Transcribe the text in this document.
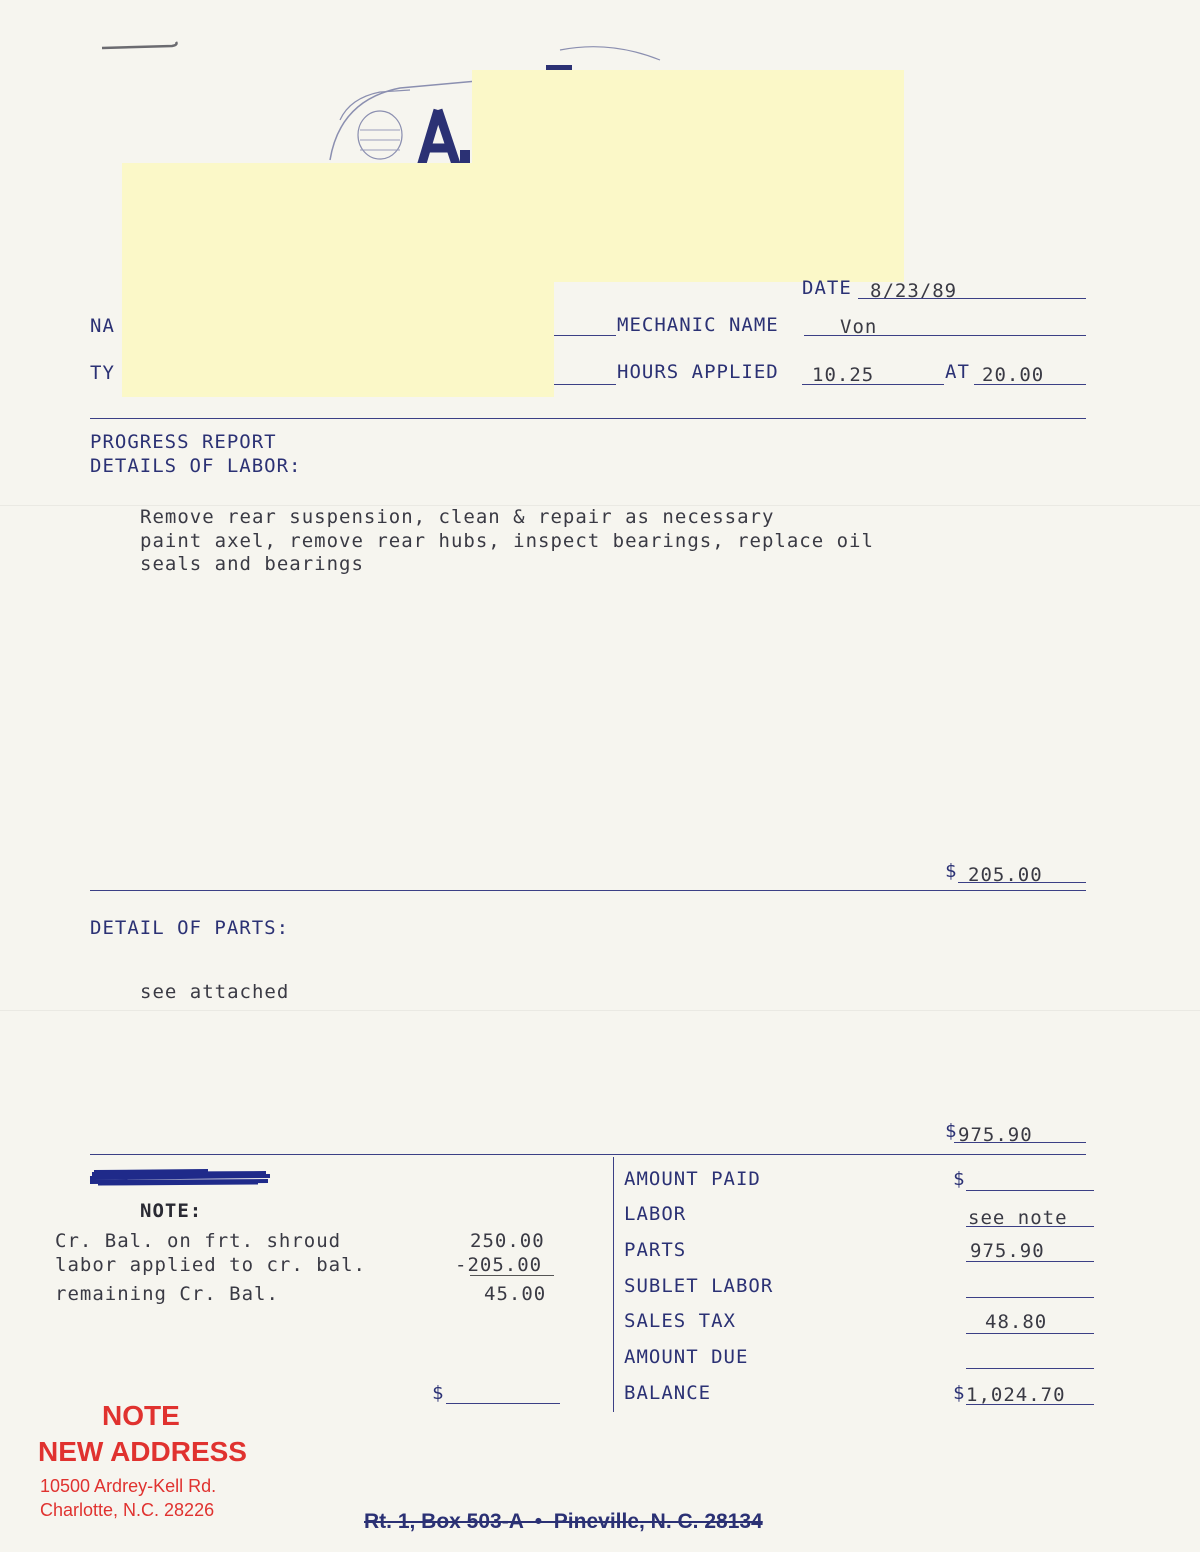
DATE 8/23/89
NA	MECHANIC NAME	Von
TY	HOURS APPLIED 10.25	AT 20.00
PROGRESS REPORT
DETAILS OF LABOR:
Remove rear suspension, clean & repair as necessary
paint axel, remove rear hubs, inspect bearings, replace oil
seals and bearings
$ 205.00
DETAIL OF PARTS:
see attached
$ 975.90
NOTE:
Cr. Bal. on frt. shroud	250.00
labor applied to cr. bal.	-205.00
remaining Cr. Bal.	45.00
$
AMOUNT PAID	$
LABOR	see note
PARTS	975.90
SUBLET LABOR
SALES TAX	48.80
AMOUNT DUE
BALANCE	$ 1,024.70
NOTE
NEW ADDRESS
10500 Ardrey-Kell Rd.
Charlotte, N.C. 28226	Rt. 1, Box 503-A  •  Pineville, N. C. 28134
